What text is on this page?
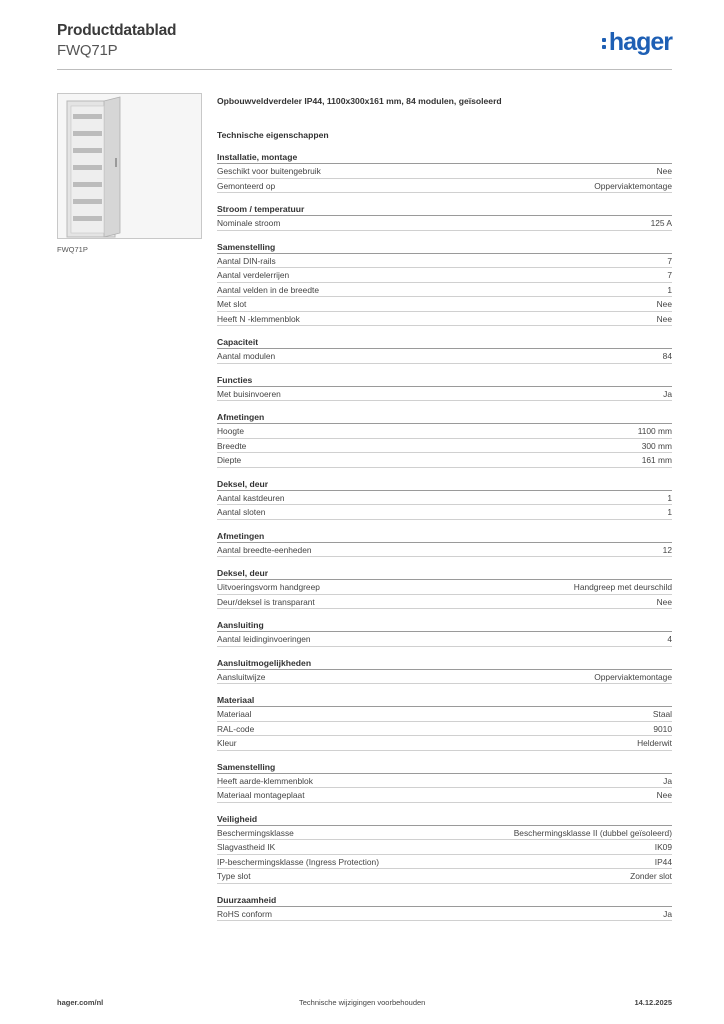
Productdatablad
FWQ71P	hager
FWQ71P
Opbouwveldverdeler IP44, 1100x300x161 mm, 84 modulen, geïsoleerd
Technische eigenschappen
Installatie, montage
Geschikt voor buitengebruik	Nee
Gemonteerd op	Opperviaktemontage
Stroom / temperatuur
Nominale stroom	125 A
Samenstelling
Aantal DIN-rails	7
Aantal verdelerrijen	7
Aantal velden in de breedte	1
Met slot	Nee
Heeft N -klemmenblok	Nee
Capaciteit
Aantal modulen	84
Functies
Met buisinvoeren	Ja
Afmetingen
Hoogte	1100 mm
Breedte	300 mm
Diepte	161 mm
Deksel, deur
Aantal kastdeuren	1
Aantal sloten	1
Afmetingen
Aantal breedte-eenheden	12
Deksel, deur
Uitvoeringsvorm handgreep	Handgreep met deurschild
Deur/deksel is transparant	Nee
Aansluiting
Aantal leidinginvoeringen	4
Aansluitmogelijkheden
Aansluitwijze	Opperviaktemontage
Materiaal
Materiaal	Staal
RAL-code	9010
Kleur	Helderwit
Samenstelling
Heeft aarde-klemmenblok	Ja
Materiaal montageplaat	Nee
Veiligheid
Beschermingsklasse	Beschermingsklasse II (dubbel geïsoleerd)
Slagvastheid IK	IK09
IP-beschermingsklasse (Ingress Protection)	IP44
Type slot	Zonder slot
Duurzaamheid
RoHS conform	Ja
hager.com/nl	Technische wijzigingen voorbehouden	14.12.2025
